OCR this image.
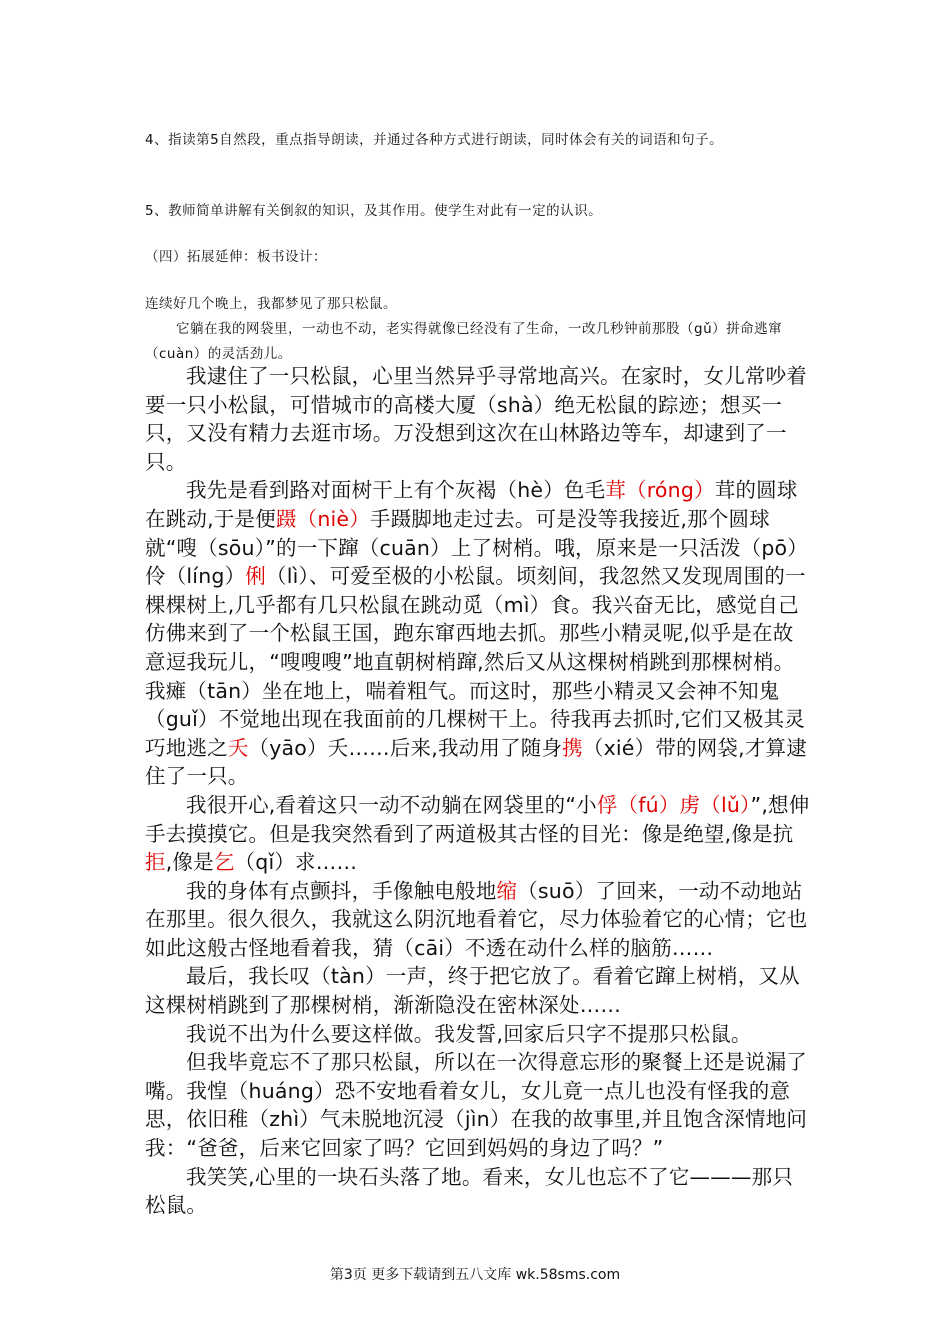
4、指读第5自然段，重点指导朗读，并通过各种方式进行朗读，同时体会有关的词语和句子。
5、教师简单讲解有关倒叙的知识，及其作用。使学生对此有一定的认识。
（四）拓展延伸：板书设计：
连续好几个晚上，我都梦见了那只松鼠。
它躺在我的网袋里，一动也不动，老实得就像已经没有了生命，一改几秒钟前那股（gǔ）拼命逃窜（cuàn）的灵活劲儿。

我逮住了一只松鼠，心里当然异乎寻常地高兴。在家时，女儿常吵着要一只小松鼠，可惜城市的高楼大厦（shà）绝无松鼠的踪迹；想买一只，又没有精力去逛市场。万没想到这次在山林路边等车，却逮到了一只。

我先是看到路对面树干上有个灰褐（hè）色毛茸（róng）茸的圆球在跳动,于是便蹑（niè）手蹑脚地走过去。可是没等我接近,那个圆球就“嗖（sōu）”的一下蹿（cuān）上了树梢。哦，原来是一只活泼（pō）伶（líng）俐（lì）、可爱至极的小松鼠。顷刻间，我忽然又发现周围的一棵棵树上,几乎都有几只松鼠在跳动觅（mì）食。我兴奋无比，感觉自己仿佛来到了一个松鼠王国，跑东窜西地去抓。那些小精灵呢,似乎是在故意逗我玩儿，“嗖嗖嗖”地直朝树梢蹿,然后又从这棵树梢跳到那棵树梢。我瘫（tān）坐在地上，喘着粗气。而这时，那些小精灵又会神不知鬼（guǐ）不觉地出现在我面前的几棵树干上。待我再去抓时,它们又极其灵巧地逃之夭（yāo）夭……后来,我动用了随身携（xié）带的网袋,才算逮住了一只。

我很开心,看着这只一动不动躺在网袋里的“小俘（fú）虏（lǔ）”,想伸手去摸摸它。但是我突然看到了两道极其古怪的目光：像是绝望,像是抗拒,像是乞（qǐ）求……

我的身体有点颤抖，手像触电般地缩（suō）了回来，一动不动地站在那里。很久很久，我就这么阴沉地看着它，尽力体验着它的心情；它也如此这般古怪地看着我，猜（cāi）不透在动什么样的脑筋……

最后，我长叹（tàn）一声，终于把它放了。看着它蹿上树梢，又从这棵树梢跳到了那棵树梢，渐渐隐没在密林深处……

我说不出为什么要这样做。我发誓,回家后只字不提那只松鼠。

但我毕竟忘不了那只松鼠，所以在一次得意忘形的聚餐上还是说漏了嘴。我惶（huáng）恐不安地看着女儿，女儿竟一点儿也没有怪我的意思，依旧稚（zhì）气未脱地沉浸（jìn）在我的故事里,并且饱含深情地问我：“爸爸，后来它回家了吗？它回到妈妈的身边了吗？”

我笑笑,心里的一块石头落了地。看来，女儿也忘不了它———那只松鼠。

第3页 更多下载请到五八文库 wk.58sms.com
